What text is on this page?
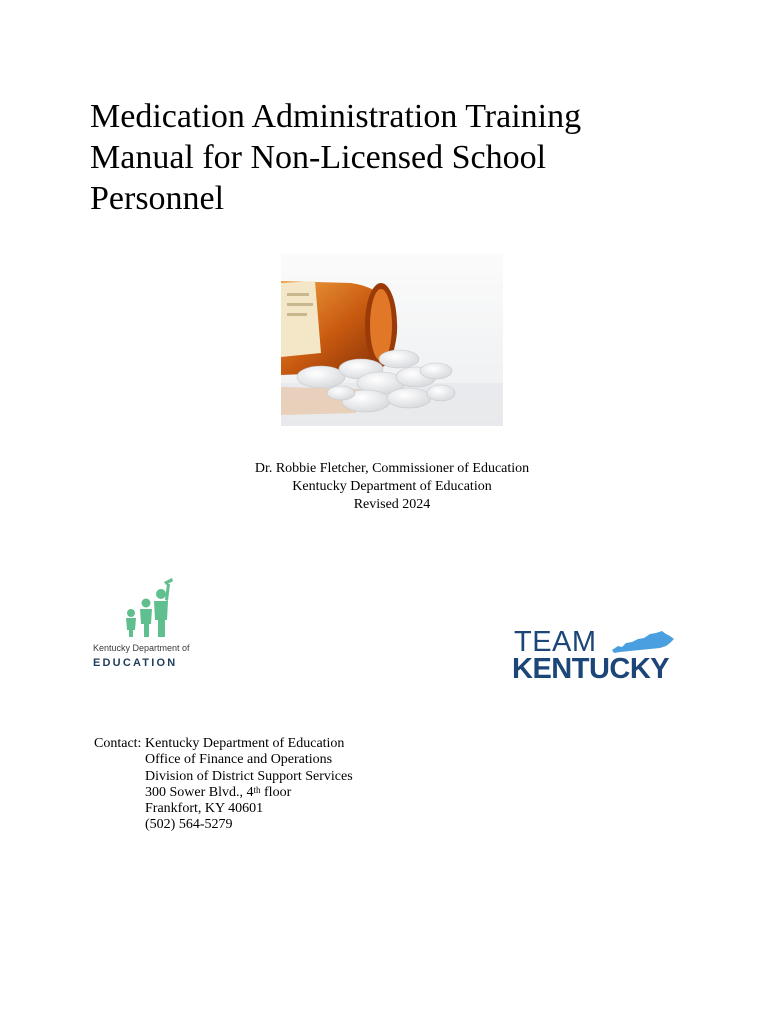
Medication Administration Training
Manual for Non-Licensed School
Personnel
Dr. Robbie Fletcher, Commissioner of Education
Kentucky Department of Education
Revised 2024
Kentucky Department of
EDUCATION
TEAM
KENTUCKY
Contact: Kentucky Department of Education
Office of Finance and Operations
Division of District Support Services
300 Sower Blvd., 4th floor
Frankfort, KY 40601
(502) 564-5279
